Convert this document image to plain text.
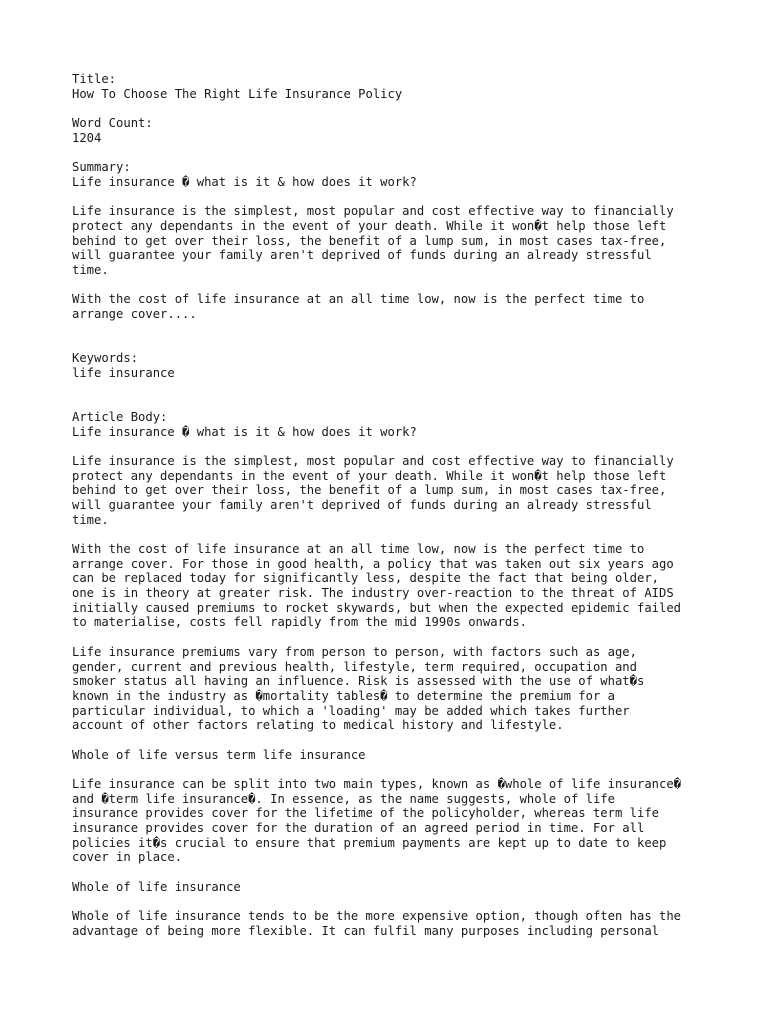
Title:
How To Choose The Right Life Insurance Policy
Word Count:
1204
Summary:
Life insurance � what is it & how does it work?
Life insurance is the simplest, most popular and cost effective way to financially
protect any dependants in the event of your death. While it won�t help those left
behind to get over their loss, the benefit of a lump sum, in most cases tax-free,
will guarantee your family aren't deprived of funds during an already stressful
time.
With the cost of life insurance at an all time low, now is the perfect time to
arrange cover....
Keywords:
life insurance
Article Body:
Life insurance � what is it & how does it work?
Life insurance is the simplest, most popular and cost effective way to financially
protect any dependants in the event of your death. While it won�t help those left
behind to get over their loss, the benefit of a lump sum, in most cases tax-free,
will guarantee your family aren't deprived of funds during an already stressful
time.
With the cost of life insurance at an all time low, now is the perfect time to
arrange cover. For those in good health, a policy that was taken out six years ago
can be replaced today for significantly less, despite the fact that being older,
one is in theory at greater risk. The industry over-reaction to the threat of AIDS
initially caused premiums to rocket skywards, but when the expected epidemic failed
to materialise, costs fell rapidly from the mid 1990s onwards.
Life insurance premiums vary from person to person, with factors such as age,
gender, current and previous health, lifestyle, term required, occupation and
smoker status all having an influence. Risk is assessed with the use of what�s
known in the industry as �mortality tables� to determine the premium for a
particular individual, to which a 'loading' may be added which takes further
account of other factors relating to medical history and lifestyle.
Whole of life versus term life insurance
Life insurance can be split into two main types, known as �whole of life insurance�
and �term life insurance�. In essence, as the name suggests, whole of life
insurance provides cover for the lifetime of the policyholder, whereas term life
insurance provides cover for the duration of an agreed period in time. For all
policies it�s crucial to ensure that premium payments are kept up to date to keep
cover in place.
Whole of life insurance
Whole of life insurance tends to be the more expensive option, though often has the
advantage of being more flexible. It can fulfil many purposes including personal
